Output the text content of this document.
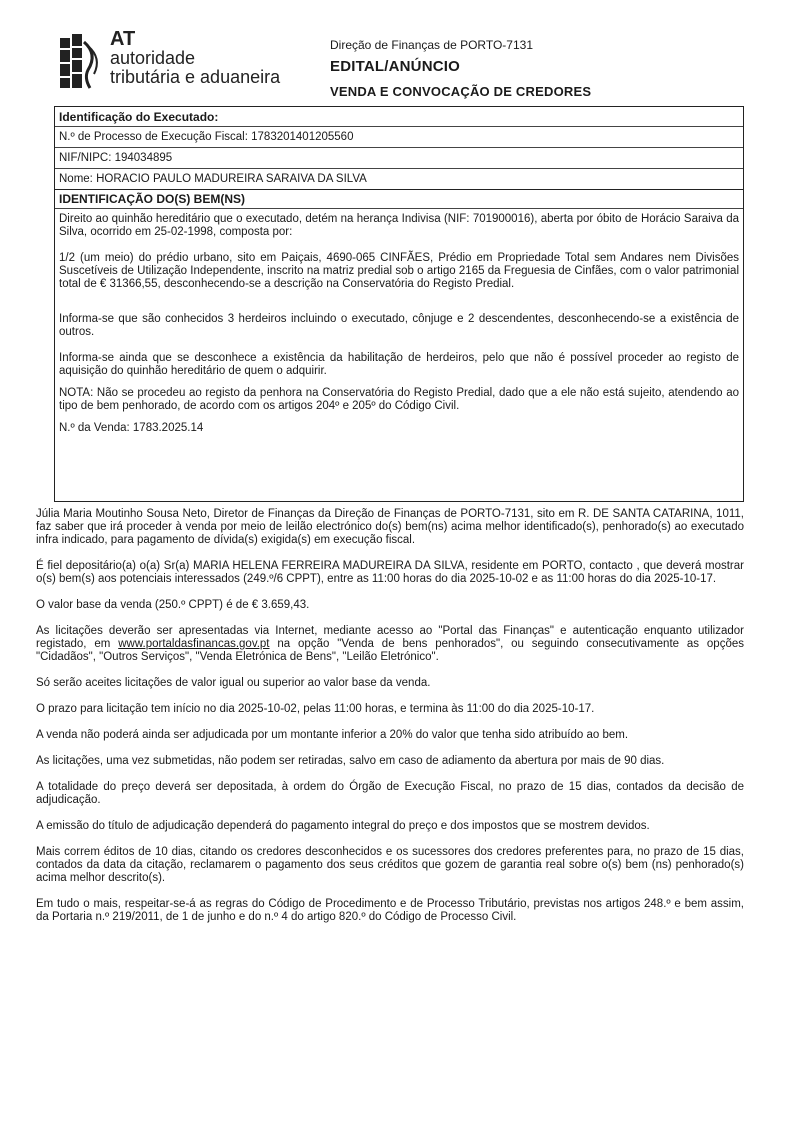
AT
autoridade
tributária e aduaneira
Direção de Finanças de PORTO-7131
EDITAL/ANÚNCIO
VENDA E CONVOCAÇÃO DE CREDORES
Identificação do Executado:
N.º de Processo de Execução Fiscal: 1783201401205560
NIF/NIPC: 194034895
Nome: HORACIO PAULO MADUREIRA SARAIVA DA SILVA
IDENTIFICAÇÃO DO(S) BEM(NS)

Direito ao quinhão hereditário que o executado, detém na herança Indivisa (NIF: 701900016), aberta por óbito de Horácio Saraiva da Silva, ocorrido em 25-02-1998, composta por:

1/2 (um meio) do prédio urbano, sito em Paiçais, 4690-065 CINFÃES, Prédio em Propriedade Total sem Andares nem Divisões Suscetíveis de Utilização Independente, inscrito na matriz predial sob o artigo 2165 da Freguesia de Cinfães, com o valor patrimonial total de € 31366,55, desconhecendo-se a descrição na Conservatória do Registo Predial.

Informa-se que são conhecidos 3 herdeiros incluindo o executado, cônjuge e 2 descendentes, desconhecendo-se a existência de outros.

Informa-se ainda que se desconhece a existência da habilitação de herdeiros, pelo que não é possível proceder ao registo de aquisição do quinhão hereditário de quem o adquirir.

NOTA: Não se procedeu ao registo da penhora na Conservatória do Registo Predial, dado que a ele não está sujeito, atendendo ao tipo de bem penhorado, de acordo com os artigos 204º e 205º do Código Civil.

N.º da Venda: 1783.2025.14

Júlia Maria Moutinho Sousa Neto, Diretor de Finanças da Direção de Finanças de PORTO-7131, sito em R. DE SANTA CATARINA, 1011, faz saber que irá proceder à venda por meio de leilão electrónico do(s) bem(ns) acima melhor identificado(s), penhorado(s) ao executado infra indicado, para pagamento de dívida(s) exigida(s) em execução fiscal.

É fiel depositário(a) o(a) Sr(a) MARIA HELENA FERREIRA MADUREIRA DA SILVA, residente em PORTO, contacto , que deverá mostrar o(s) bem(s) aos potenciais interessados (249.º/6 CPPT), entre as 11:00 horas do dia 2025-10-02 e as 11:00 horas do dia 2025-10-17.

O valor base da venda (250.º CPPT) é de € 3.659,43.

As licitações deverão ser apresentadas via Internet, mediante acesso ao "Portal das Finanças" e autenticação enquanto utilizador registado, em www.portaldasfinancas.gov.pt na opção "Venda de bens penhorados", ou seguindo consecutivamente as opções "Cidadãos", "Outros Serviços", "Venda Eletrónica de Bens", "Leilão Eletrónico".

Só serão aceites licitações de valor igual ou superior ao valor base da venda.

O prazo para licitação tem início no dia 2025-10-02, pelas 11:00 horas, e termina às 11:00 do dia 2025-10-17.

A venda não poderá ainda ser adjudicada por um montante inferior a 20% do valor que tenha sido atribuído ao bem.

As licitações, uma vez submetidas, não podem ser retiradas, salvo em caso de adiamento da abertura por mais de 90 dias.

A totalidade do preço deverá ser depositada, à ordem do Órgão de Execução Fiscal, no prazo de 15 dias, contados da decisão de adjudicação.

A emissão do título de adjudicação dependerá do pagamento integral do preço e dos impostos que se mostrem devidos.

Mais correm éditos de 10 dias, citando os credores desconhecidos e os sucessores dos credores preferentes para, no prazo de 15 dias, contados da data da citação, reclamarem o pagamento dos seus créditos que gozem de garantia real sobre o(s) bem (ns) penhorado(s) acima melhor descrito(s).

Em tudo o mais, respeitar-se-á as regras do Código de Procedimento e de Processo Tributário, previstas nos artigos 248.º e bem assim, da Portaria n.º 219/2011, de 1 de junho e do n.º 4 do artigo 820.º do Código de Processo Civil.
